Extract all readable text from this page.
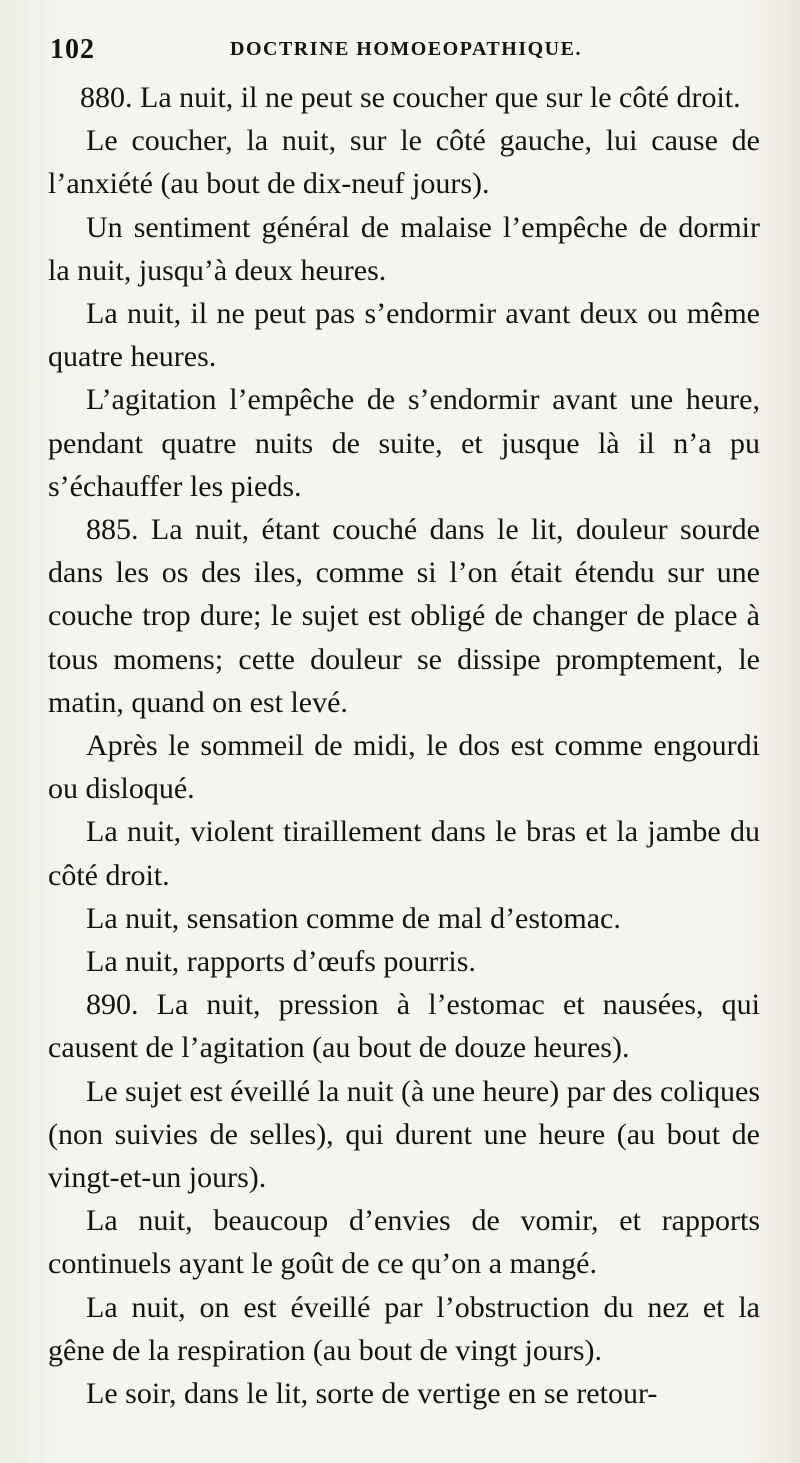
102	DOCTRINE HOMOEOPATHIQUE.

880. La nuit, il ne peut se coucher que sur le côté droit.

Le coucher, la nuit, sur le côté gauche, lui cause de l’anxiété (au bout de dix-neuf jours).

Un sentiment général de malaise l’empêche de dormir la nuit, jusqu’à deux heures.

La nuit, il ne peut pas s’endormir avant deux ou même quatre heures.

L’agitation l’empêche de s’endormir avant une heure, pendant quatre nuits de suite, et jusque là il n’a pu s’échauffer les pieds.

885. La nuit, étant couché dans le lit, douleur sourde dans les os des iles, comme si l’on était étendu sur une couche trop dure; le sujet est obligé de changer de place à tous momens; cette douleur se dissipe promptement, le matin, quand on est levé.

Après le sommeil de midi, le dos est comme engourdi ou disloqué.

La nuit, violent tiraillement dans le bras et la jambe du côté droit.

La nuit, sensation comme de mal d’estomac.

La nuit, rapports d’œufs pourris.

890. La nuit, pression à l’estomac et nausées, qui causent de l’agitation (au bout de douze heures).

Le sujet est éveillé la nuit (à une heure) par des coliques (non suivies de selles), qui durent une heure (au bout de vingt-et-un jours).

La nuit, beaucoup d’envies de vomir, et rapports continuels ayant le goût de ce qu’on a mangé.

La nuit, on est éveillé par l’obstruction du nez et la gêne de la respiration (au bout de vingt jours).

Le soir, dans le lit, sorte de vertige en se retour-
